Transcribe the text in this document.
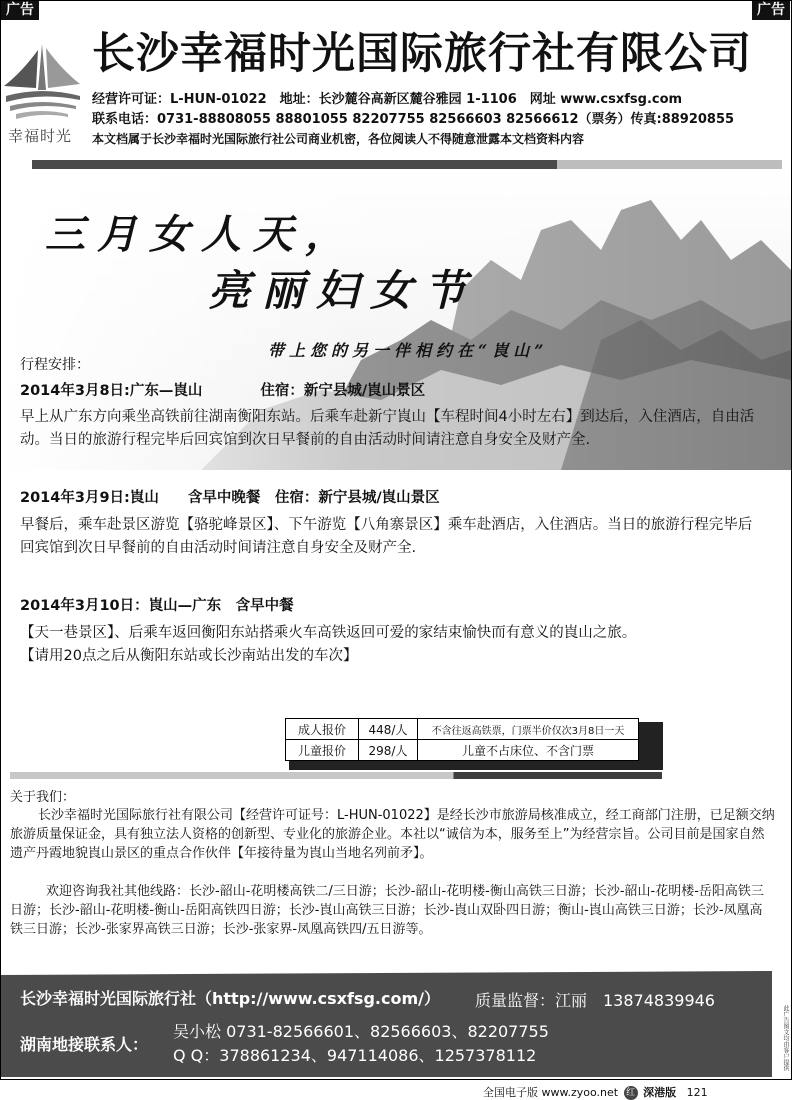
广告	广告
幸福时光
长沙幸福时光国际旅行社有限公司
经营许可证：L-HUN-01022　地址：长沙麓谷高新区麓谷雅园 1-1106　网址 www.csxfsg.com
联系电话：0731-88808055 88801055 82207755 82566603 82566612（票务）传真:88920855
本文档属于长沙幸福时光国际旅行社公司商业机密，各位阅读人不得随意泄露本文档资料内容
三月女人天，
亮丽妇女节
带上您的另一伴相约在“崀山”
行程安排：
2014年3月8日:广东—崀山　　　　住宿：新宁县城/崀山景区
早上从广东方向乘坐高铁前往湖南衡阳东站。后乘车赴新宁崀山【车程时间4小时左右】到达后，入住酒店，自由活动。当日的旅游行程完毕后回宾馆到次日早餐前的自由活动时间请注意自身安全及财产全.
2014年3月9日:崀山　　含早中晚餐　住宿：新宁县城/崀山景区
早餐后，乘车赴景区游览【骆驼峰景区】、下午游览【八角寨景区】乘车赴酒店，入住酒店。当日的旅游行程完毕后回宾馆到次日早餐前的自由活动时间请注意自身安全及财产全.
2014年3月10日：崀山—广东　含早中餐
【天一巷景区】、后乘车返回衡阳东站搭乘火车高铁返回可爱的家结束愉快而有意义的崀山之旅。
【请用20点之后从衡阳东站或长沙南站出发的车次】
成人报价	448/人	不含往返高铁票，门票半价仅次3月8日一天
儿童报价	298/人	儿童不占床位、不含门票
关于我们：
长沙幸福时光国际旅行社有限公司【经营许可证号：L-HUN-01022】是经长沙市旅游局核准成立，经工商部门注册，已足额交纳旅游质量保证金，具有独立法人资格的创新型、专业化的旅游企业。本社以“诚信为本，服务至上”为经营宗旨。公司目前是国家自然遗产丹霞地貌崀山景区的重点合作伙伴【年接待量为崀山当地名列前矛】。
欢迎咨询我社其他线路：长沙-韶山-花明楼高铁二/三日游；长沙-韶山-花明楼-衡山高铁三日游；长沙-韶山-花明楼-岳阳高铁三日游；长沙-韶山-花明楼-衡山-岳阳高铁四日游；长沙-崀山高铁三日游；长沙-崀山双卧四日游；衡山-崀山高铁三日游；长沙-凤凰高铁三日游；长沙-张家界高铁三日游；长沙-张家界-凤凰高铁四/五日游等。
长沙幸福时光国际旅行社（http://www.csxfsg.com/） 质量监督：江丽　13874839946
湖南地接联系人：
吴小松 0731-82566601、82566603、82207755
Q Q：378861234、947114086、1257378112	此广告图文均由客户提供
全国电子版 www.zyoo.net 红 深港版 121
